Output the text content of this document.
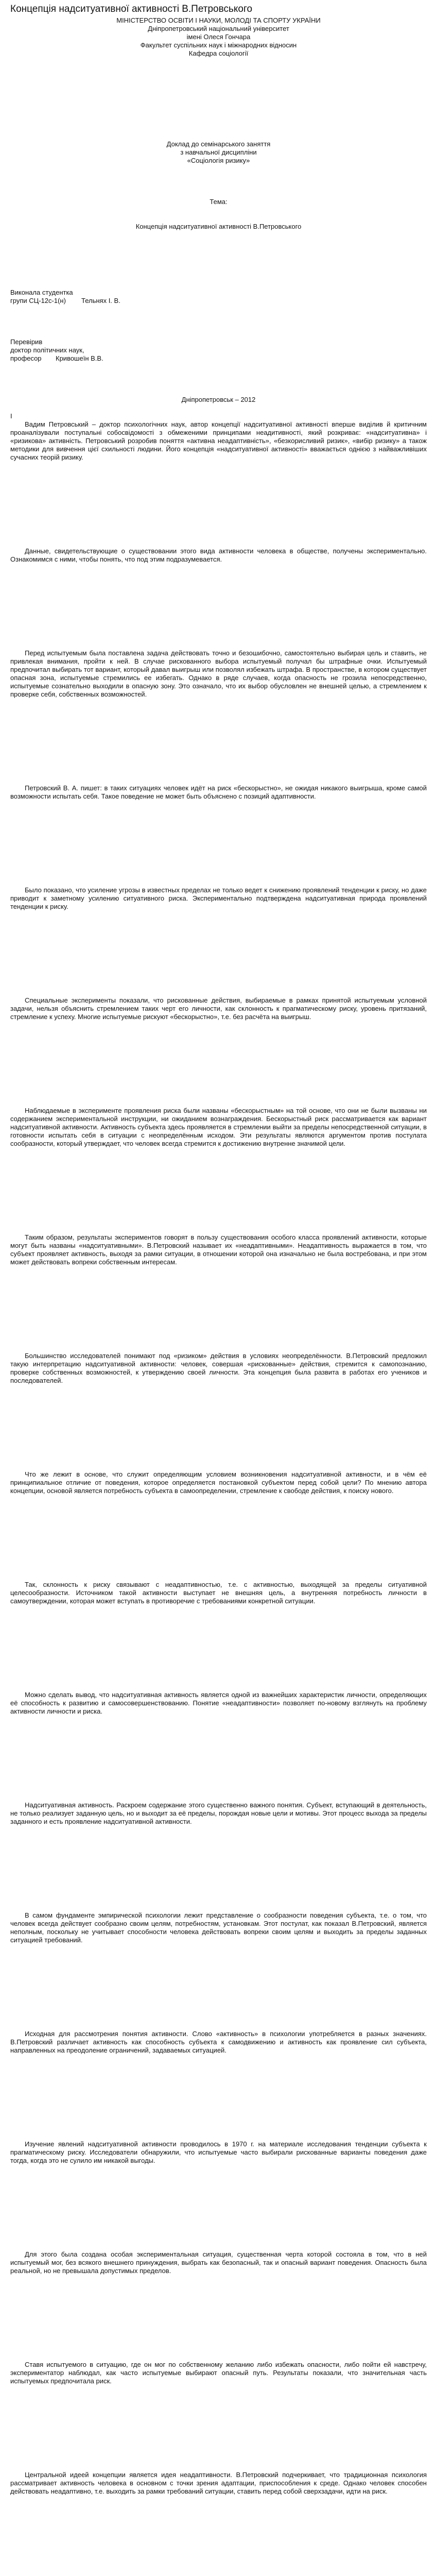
Концепція надситуативної активності В.Петровського

МІНІСТЕРСТВО ОСВІТИ І НАУКИ, МОЛОДІ ТА СПОРТУ УКРАЇНИ

Дніпропетровський національний університет

імені Олеся Гончара

Факультет суспільних наук і міжнародних відносин

Кафедра соціології

Доклад до семінарського заняття

з навчальної дисципліни

«Соціологія ризику»

Тема:

Концепція надситуативної активності В.Петровського

Виконала студентка

групи СЦ-12с-1(н)	Тельнях І. В.

Перевірив

доктор політичних наук,

професор	Кривошеїн В.В.

Дніпропетровськ – 2012

І

Вадим Петровський – доктор психологічних наук, автор концепції надситуативної активності вперше виділив й критичним проаналізували поступальні сoбосвідомості з обмеженими принципами неадитивності, який розкриває: «надситуативна» і «ризикова» активність. Петровський розробив поняття «активна неадаптивність», «безкорисливий ризик», «вибір ризику» а також методики для вивчення цієї схильності людини. Його концепція «надситуативної активності» вважається однією з найважливіших сучасних теорій ризику.

Данные, свидетельствующие о существовании этого вида активности человека в обществе, получены экспериментально. Ознакомимся с ними, чтобы понять, что под этим подразумевается.

Перед испытуемым была поставлена задача действовать точно и безошибочно, самостоятельно выбирая цель и ставить, не привлекая внимания, пройти к ней. В случае рискованного выбора испытуемый получал бы штрафные очки. Испытуемый предпочитал выбирать тот вариант, который давал выигрыш или позволял избежать штрафа. В пространстве, в котором существует опасная зона, испытуемые стремились ее избегать. Однако в ряде случаев, когда опасность не грозила непосредственно, испытуемые сознательно выходили в опасную зону. Это означало, что их выбор обусловлен не внешней целью, а стремлением к проверке себя, собственных возможностей.

Петровский В. А. пишет: в таких ситуациях человек идёт на риск «бескорыстно», не ожидая никакого выигрыша, кроме самой возможности испытать себя. Такое поведение не может быть объяснено с позиций адаптивности.

Было показано, что усиление угрозы в известных пределах не только ведет к снижению проявлений тенденции к риску, но даже приводит к заметному усилению ситуативного риска. Экспериментально подтверждена надситуативная природа проявлений тенденции к риску.

Специальные эксперименты показали, что рискованные действия, выбираемые в рамках принятой испытуемым условной задачи, нельзя объяснить стремлением таких черт его личности, как склонность к прагматическому риску, уровень притязаний, стремление к успеху. Многие испытуемые рискуют «бескорыстно», т.е. без расчёта на выигрыш.

Наблюдаемые в эксперименте проявления риска были названы «бескорыстным» на той основе, что они не были вызваны ни содержанием экспериментальной инструкции, ни ожиданием вознаграждения. Бескорыстный риск рассматривается как вариант надситуативной активности. Активность субъекта здесь проявляется в стремлении выйти за пределы непосредственной ситуации, в готовности испытать себя в ситуации с неопределённым исходом. Эти результаты являются аргументом против постулата сообразности, который утверждает, что человек всегда стремится к достижению внутренне значимой цели.

Таким образом, результаты экспериментов говорят в пользу существования особого класса проявлений активности, которые могут быть названы «надситуативными». В.Петровский называет их «неадаптивными». Неадаптивность выражается в том, что субъект проявляет активность, выходя за рамки ситуации, в отношении которой она изначально не была востребована, и при этом может действовать вопреки собственным интересам.

Большинство исследователей понимают под «ризиком» действия в условиях неопределённости. В.Петровский предложил такую интерпретацию надситуативной активности: человек, совершая «рискованные» действия, стремится к самопознанию, проверке собственных возможностей, к утверждению своей личности. Эта концепция была развита в работах его учеников и последователей.

Что же лежит в основе, что служит определяющим условием возникновения надситуативной активности, и в чём её принципиальное отличие от поведения, которое определяется постановкой субъектом перед собой цели? По мнению автора концепции, основой является потребность субъекта в самоопределении, стремление к свободе действия, к поиску нового.

Так, склонность к риску связывают с неадаптивностью, т.е. с активностью, выходящей за пределы ситуативной целесообразности. Источником такой активности выступает не внешняя цель, а внутренняя потребность личности в самоутверждении, которая может вступать в противоречие с требованиями конкретной ситуации.

Можно сделать вывод, что надситуативная активность является одной из важнейших характеристик личности, определяющих её способность к развитию и самосовершенствованию. Понятие «неадаптивности» позволяет по-новому взглянуть на проблему активности личности и риска.

Надситуативная активность. Раскроем содержание этого существенно важного понятия. Субъект, вступающий в деятельность, не только реализует заданную цель, но и выходит за её пределы, порождая новые цели и мотивы. Этот процесс выхода за пределы заданного и есть проявление надситуативной активности.

В самом фундаменте эмпирической психологии лежит представление о сообразности поведения субъекта, т.е. о том, что человек всегда действует сообразно своим целям, потребностям, установкам. Этот постулат, как показал В.Петровский, является неполным, поскольку не учитывает способности человека действовать вопреки своим целям и выходить за пределы заданных ситуацией требований.

Исходная для рассмотрения понятия активности. Слово «активность» в психологии употребляется в разных значениях. В.Петровский различает активность как способность субъекта к самодвижению и активность как проявление сил субъекта, направленных на преодоление ограничений, задаваемых ситуацией.

Изучение явлений надситуативной активности проводилось в 1970 г. на материале исследования тенденции субъекта к прагматическому риску. Исследователи обнаружили, что испытуемые часто выбирали рискованные варианты поведения даже тогда, когда это не сулило им никакой выгоды.

Для этого была создана особая экспериментальная ситуация, существенная черта которой состояла в том, что в ней испытуемый мог, без всякого внешнего принуждения, выбрать как безопасный, так и опасный вариант поведения. Опасность была реальной, но не превышала допустимых пределов.

Ставя испытуемого в ситуацию, где он мог по собственному желанию либо избежать опасности, либо пойти ей навстречу, экспериментатор наблюдал, как часто испытуемые выбирают опасный путь. Результаты показали, что значительная часть испытуемых предпочитала риск.

Центральной идеей концепции является идея неадаптивности. В.Петровский подчеркивает, что традиционная психология рассматривает активность человека в основном с точки зрения адаптации, приспособления к среде. Однако человек способен действовать неадаптивно, т.е. выходить за рамки требований ситуации, ставить перед собой сверхзадачи, идти на риск.
